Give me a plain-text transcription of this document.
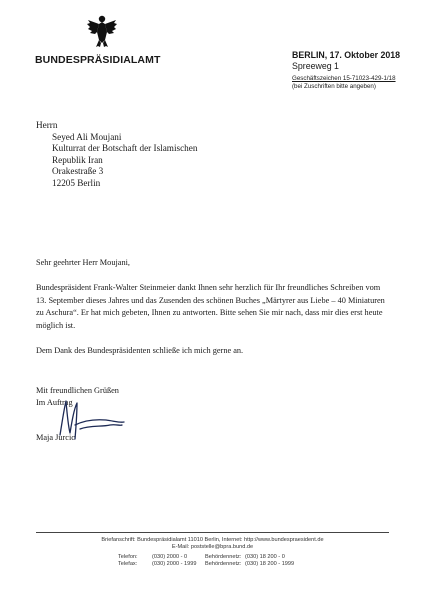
BUNDESPRÄSIDIALAMT	BERLIN, 17. Oktober 2018
Spreeweg 1
Geschäftszeichen 15-71023-429-1/18
(bei Zuschriften bitte angeben)
Herrn
Seyed Ali Moujani
Kulturrat der Botschaft der Islamischen
Republik Iran
Orakestraße 3
12205 Berlin

Sehr geehrter Herr Moujani,

Bundespräsident Frank-Walter Steinmeier dankt Ihnen sehr herzlich für Ihr freundliches Schreiben vom 13. September dieses Jahres und das Zusenden des schönen Buches „Märtyrer aus Liebe – 40 Miniaturen zu Aschura“. Er hat mich gebeten, Ihnen zu antworten. Bitte sehen Sie mir nach, dass mir dies erst heute möglich ist.

Dem Dank des Bundespräsidenten schließe ich mich gerne an.

Mit freundlichen Grüßen
Im Auftrag
Maja Jurcic
Briefanschrift: Bundespräsidialamt 11010 Berlin, Internet: http://www.bundespraesident.de
E-Mail: poststelle@bpra.bund.de
Telefon:	(030) 2000 - 0
Telefax:	(030) 2000 - 1999
Behördennetz: (030) 18 200 - 0
Behördennetz: (030) 18 200 - 1999
